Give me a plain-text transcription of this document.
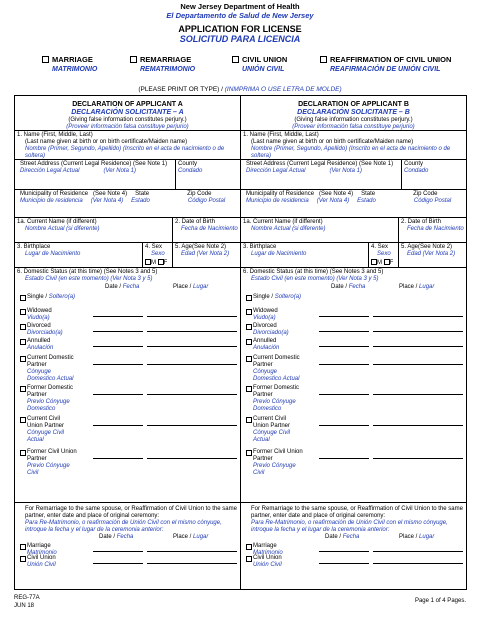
New Jersey Department of Health
El Departamento de Salud de New Jersey
APPLICATION FOR LICENSE
SOLICITUD PARA LICENCIA
MARRIAGE
MATRIMONIO
REMARRIAGE
REMATRIMONIO
CIVIL UNION
UNIÓN CIVIL
REAFFIRMATION OF CIVIL UNION
REAFIRMACIÓN DE UNIÓN CIVIL
(PLEASE PRINT OR TYPE) / (INMPRIMA O USE LETRA DE MOLDE)
DECLARATION OF APPLICANT A
DECLARACIÓN SOLICITANTE – A
(Giving false information constitutes perjury.)
(Proveer información falsa constituye perjurio)
1. Name (First, Middle, Last)
(Last name given at birth or on birth certificate/Maiden name)
Nombre (Primer, Segundo, Apellido) (Inscrito en el acta de nacimiento o de soltera)
Street Address (Current Legal Residence) (See Note 1)
Dirección Legal Actual	(Ver Nota 1)
County
Condado
Municipality of Residence (See Note 4) State	Zip Code
Municipio de residencia (Ver Nota 4) Estado	Código Postal
1a. Current Name (if different)
Nombre Actual (si diferente)
2. Date of Birth
Fecha de Nacimiento
3. Birthplace
Lugar de Nacimiento
4. Sex
Sexo
M F
5. Age(See Note 2)
Edad (Ver Nota 2)
6. Domestic Status (at this time) (See Notes 3 and 5)
Estado Civil (en este momento) (Ver Nota 3 y 5)
Date / Fecha	Place / Lugar
Single / Soltero(a)
Widowed
Viudo(a)
Divorced
Divorciado(a)
Annulled
Anulación
Current Domestic Partner
Cónyuge Domestico Actual
Former Domestic Partner
Previo Cónyuge Domestico
Current Civil Union Partner
Cónyuge Civil Actual
Former Civil Union Partner
Previo Cónyuge Civil
For Remarriage to the same spouse, or Reaffirmation of Civil Union to the same partner, enter date and place of original ceremony:
Para Re-Matrimonio, o reafirmación de Unión Civil con el mismo cónyuge, introque la fecha y el lugar de la ceremonia anterior:
Date / Fecha	Place / Lugar
Marriage
Matrimonio
Civil Union
Unión Civil
DECLARATION OF APPLICANT B
DECLARACIÓN SOLICITANTE – B
(Giving false information constitutes perjury.)
(Proveer información falsa constituye perjurio)
1. Name (First, Middle, Last)
(Last name given at birth or on birth certificate/Maiden name)
Nombre (Primer, Segundo, Apellido) (Inscrito en el acta de nacimiento o de soltera)
Street Address (Current Legal Residence) (See Note 1)
Dirección Legal Actual	(Ver Nota 1)
County
Condado
Municipality of Residence (See Note 4) State	Zip Code
Municipio de residencia (Ver Nota 4) Estado	Código Postal
1a. Current Name (if different)
Nombre Actual (si diferente)
2. Date of Birth
Fecha de Nacimiento
3. Birthplace
Lugar de Nacimiento
4. Sex
Sexo
M F
5. Age(See Note 2)
Edad (Ver Nota 2)
6. Domestic Status (at this time) (See Notes 3 and 5)
Estado Civil (en este momento) (Ver Nota 3 y 5)
Date / Fecha	Place / Lugar
Single / Soltero(a)
Widowed
Viudo(a)
Divorced
Divorciado(a)
Annulled
Anulación
Current Domestic Partner
Cónyuge Domestico Actual
Former Domestic Partner
Previo Cónyuge Domestico
Current Civil Union Partner
Cónyuge Civil Actual
Former Civil Union Partner
Previo Cónyuge Civil
For Remarriage to the same spouse, or Reaffirmation of Civil Union to the same partner, enter date and place of original ceremony:
Para Re-Matrimonio, o reafirmación de Unión Civil con el mismo cónyuge, introque la fecha y el lugar de la ceremonia anterior:
Date / Fecha	Place / Lugar
Marriage
Matrimonio
Civil Union
Unión Civil
REG-77A
JUN 18
Page 1 of 4 Pages.
